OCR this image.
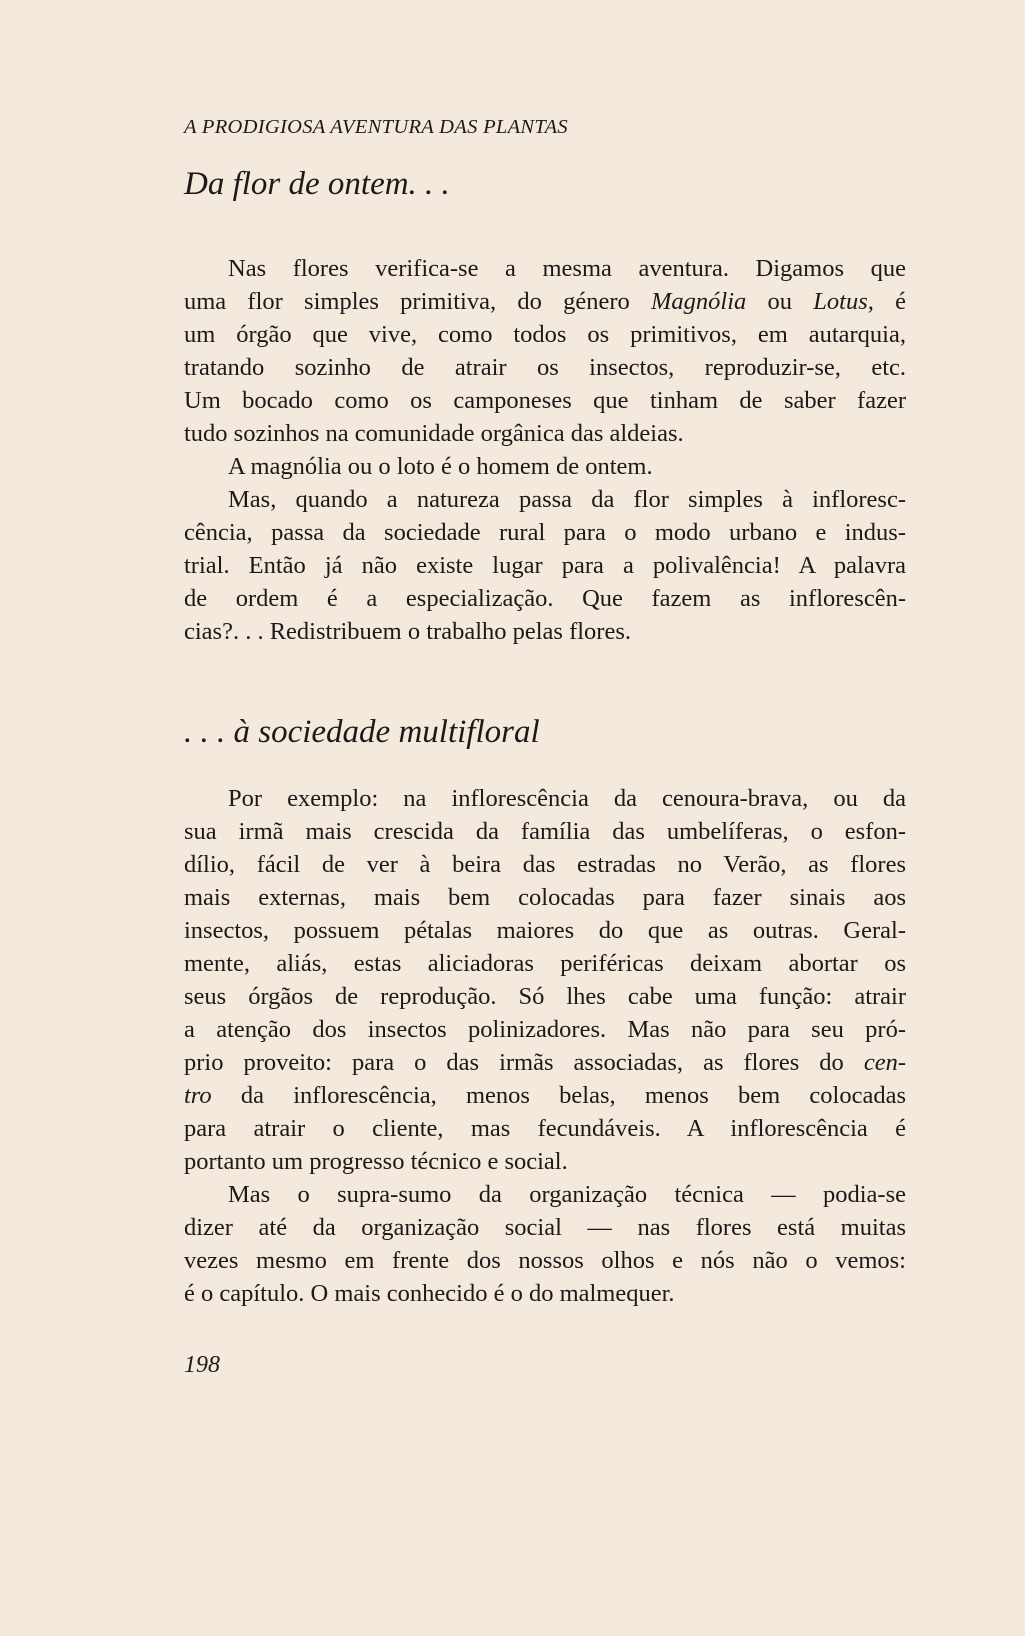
A PRODIGIOSA AVENTURA DAS PLANTAS
Da flor de ontem. . .
Nas flores verifica-se a mesma aventura. Digamos que
uma flor simples primitiva, do género Magnólia ou Lotus, é
um órgão que vive, como todos os primitivos, em autarquia,
tratando sozinho de atrair os insectos, reproduzir-se, etc.
Um bocado como os camponeses que tinham de saber fazer
tudo sozinhos na comunidade orgânica das aldeias.
A magnólia ou o loto é o homem de ontem.
Mas, quando a natureza passa da flor simples à infloresc-
cência, passa da sociedade rural para o modo urbano e indus-
trial. Então já não existe lugar para a polivalência! A palavra
de ordem é a especialização. Que fazem as inflorescên-
cias?. . . Redistribuem o trabalho pelas flores.
. . . à sociedade multifloral
Por exemplo: na inflorescência da cenoura-brava, ou da
sua irmã mais crescida da família das umbelíferas, o esfon-
dílio, fácil de ver à beira das estradas no Verão, as flores
mais externas, mais bem colocadas para fazer sinais aos
insectos, possuem pétalas maiores do que as outras. Geral-
mente, aliás, estas aliciadoras periféricas deixam abortar os
seus órgãos de reprodução. Só lhes cabe uma função: atrair
a atenção dos insectos polinizadores. Mas não para seu pró-
prio proveito: para o das irmãs associadas, as flores do cen-
tro da inflorescência, menos belas, menos bem colocadas
para atrair o cliente, mas fecundáveis. A inflorescência é
portanto um progresso técnico e social.
Mas o supra-sumo da organização técnica — podia-se
dizer até da organização social — nas flores está muitas
vezes mesmo em frente dos nossos olhos e nós não o vemos:
é o capítulo. O mais conhecido é o do malmequer.
198
